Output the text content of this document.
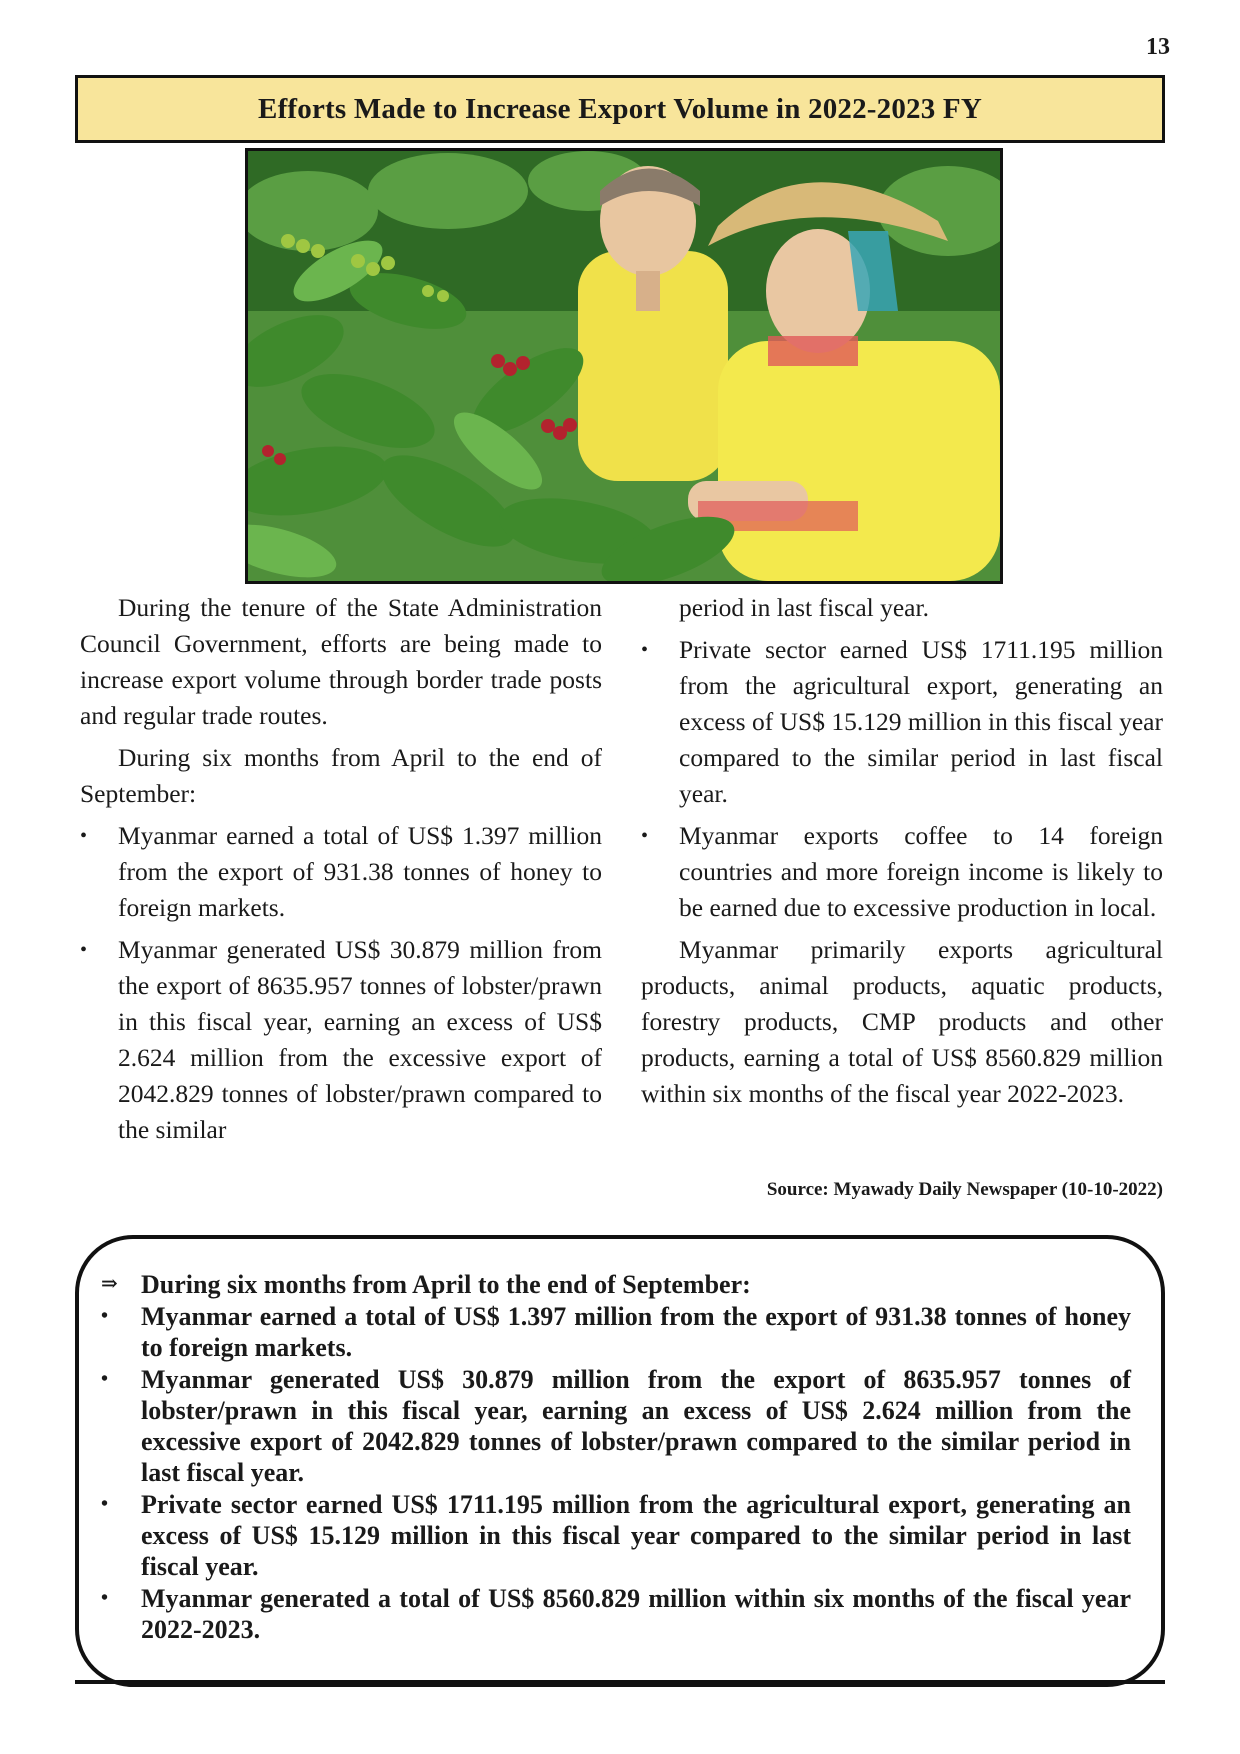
13
Efforts Made to Increase Export Volume in 2022-2023 FY

During the tenure of the State Administration Council Government, efforts are being made to increase export volume through border trade posts and regular trade routes.

During six months from April to the end of September:

• Myanmar earned a total of US$ 1.397 million from the export of 931.38 tonnes of honey to foreign markets.
• Myanmar generated US$ 30.879 million from the export of 8635.957 tonnes of lobster/prawn in this fiscal year, earning an excess of US$ 2.624 million from the excessive export of 2042.829 tonnes of lobster/prawn compared to the similar
period in last fiscal year.
• Private sector earned US$ 1711.195 million from the agricultural export, generating an excess of US$ 15.129 million in this fiscal year compared to the similar period in last fiscal year.
• Myanmar exports coffee to 14 foreign countries and more foreign income is likely to be earned due to excessive production in local.

Myanmar primarily exports agricultural products, animal products, aquatic products, forestry products, CMP products and other products, earning a total of US$ 8560.829 million within six months of the fiscal year 2022-2023.

Source: Myawady Daily Newspaper (10-10-2022)
⇒ During six months from April to the end of September:
•	Myanmar earned a total of US$ 1.397 million from the export of 931.38 tonnes of honey to foreign markets.
•	Myanmar generated US$ 30.879 million from the export of 8635.957 tonnes of lobster/prawn in this fiscal year, earning an excess of US$ 2.624 million from the excessive export of 2042.829 tonnes of lobster/prawn compared to the similar period in last fiscal year.
•	Private sector earned US$ 1711.195 million from the agricultural export, generating an excess of US$ 15.129 million in this fiscal year compared to the similar period in last fiscal year.
•	Myanmar generated a total of US$ 8560.829 million within six months of the fiscal year 2022-2023.
